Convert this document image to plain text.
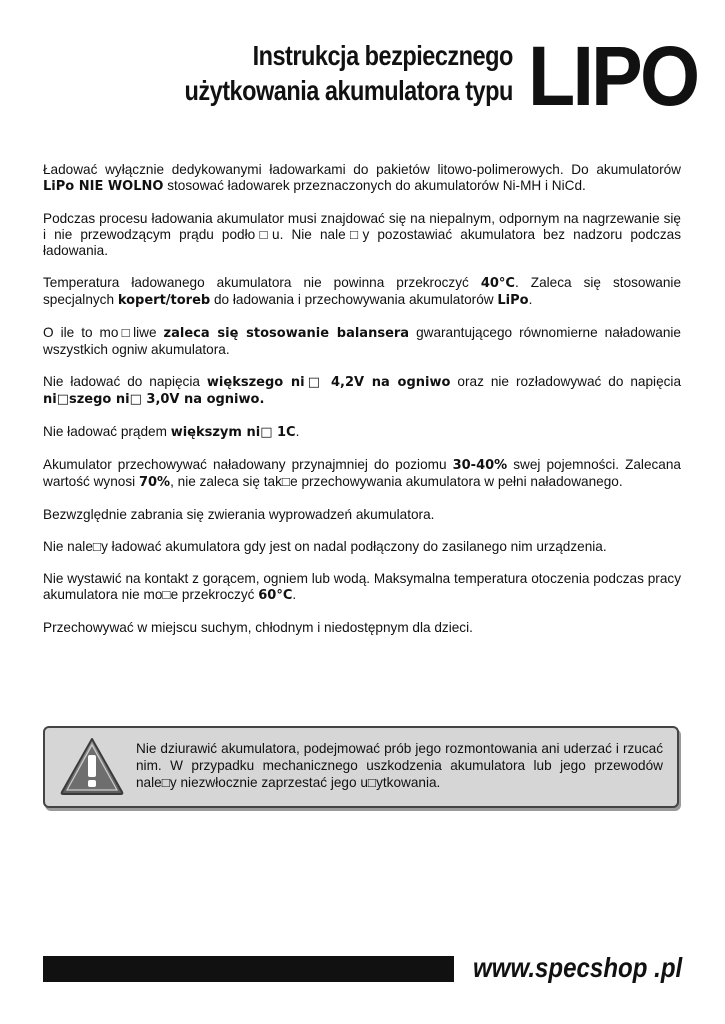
Instrukcja bezpiecznego
użytkowania akumulatora typu LIPO

Ładować wyłącznie dedykowanymi ładowarkami do pakietów litowo-polimerowych. Do akumulatorów LiPo NIE WOLNO stosować ładowarek przeznaczonych do akumulatorów Ni-MH i NiCd.

Podczas procesu ładowania akumulator musi znajdować się na niepalnym, odpornym na nagrzewanie się i nie przewodzącym prądu podło□u. Nie nale□y pozostawiać akumulatora bez nadzoru podczas ładowania.

Temperatura ładowanego akumulatora nie powinna przekroczyć 40°C. Zaleca się stosowanie specjalnych kopert/toreb do ładowania i przechowywania akumulatorów LiPo.

O ile to mo□liwe zaleca się stosowanie balansera gwarantującego równomierne naładowanie wszystkich ogniw akumulatora.

Nie ładować do napięcia większego ni□ 4,2V na ogniwo oraz nie rozładowywać do napięcia ni□szego ni□ 3,0V na ogniwo.

Nie ładować prądem większym ni□ 1C.

Akumulator przechowywać naładowany przynajmniej do poziomu 30-40% swej pojemności. Zalecana wartość wynosi 70%, nie zaleca się tak□e przechowywania akumulatora w pełni naładowanego.

Bezwzględnie zabrania się zwierania wyprowadzeń akumulatora.

Nie nale□y ładować akumulatora gdy jest on nadal podłączony do zasilanego nim urządzenia.

Nie wystawić na kontakt z gorącem, ogniem lub wodą. Maksymalna temperatura otoczenia podczas pracy akumulatora nie mo□e przekroczyć 60°C.

Przechowywać w miejscu suchym, chłodnym i niedostępnym dla dzieci.

Nie dziurawić akumulatora, podejmować prób jego rozmontowania ani uderzać i rzucać nim. W przypadku mechanicznego uszkodzenia akumulatora lub jego przewodów nale□y niezwłocznie zaprzestać jego u□ytkowania.
www.specshop .pl
